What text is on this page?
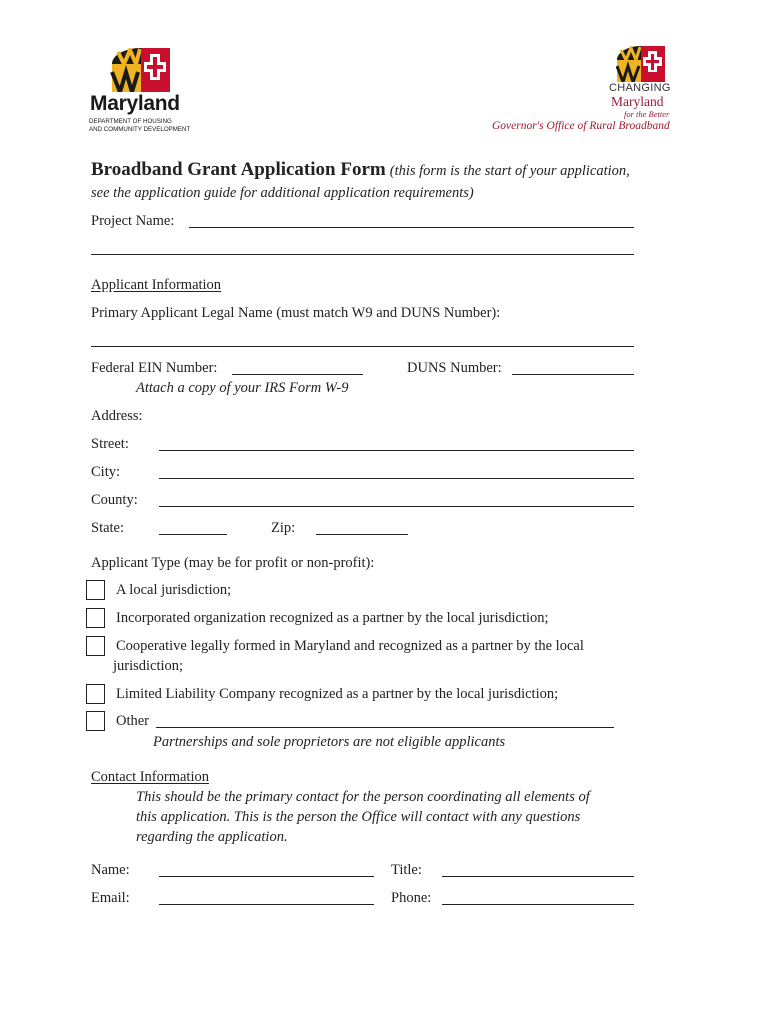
Maryland
DEPARTMENT OF HOUSING
AND COMMUNITY DEVELOPMENT
CHANGING
Maryland
for the Better
Governor's Office of Rural Broadband
Broadband Grant Application Form (this form is the start of your application,
see the application guide for additional application requirements)
Project Name:
Applicant Information
Primary Applicant Legal Name (must match W9 and DUNS Number):
Federal EIN Number:	DUNS Number:
Attach a copy of your IRS Form W-9
Address:
Street:
City:
County:
State:	Zip:
Applicant Type (may be for profit or non-profit):
A local jurisdiction;
Incorporated organization recognized as a partner by the local jurisdiction;
Cooperative legally formed in Maryland and recognized as a partner by the local
jurisdiction;
Limited Liability Company recognized as a partner by the local jurisdiction;
Other
Partnerships and sole proprietors are not eligible applicants
Contact Information
This should be the primary contact for the person coordinating all elements of
this application. This is the person the Office will contact with any questions
regarding the application.
Name:	Title:
Email:	Phone:
